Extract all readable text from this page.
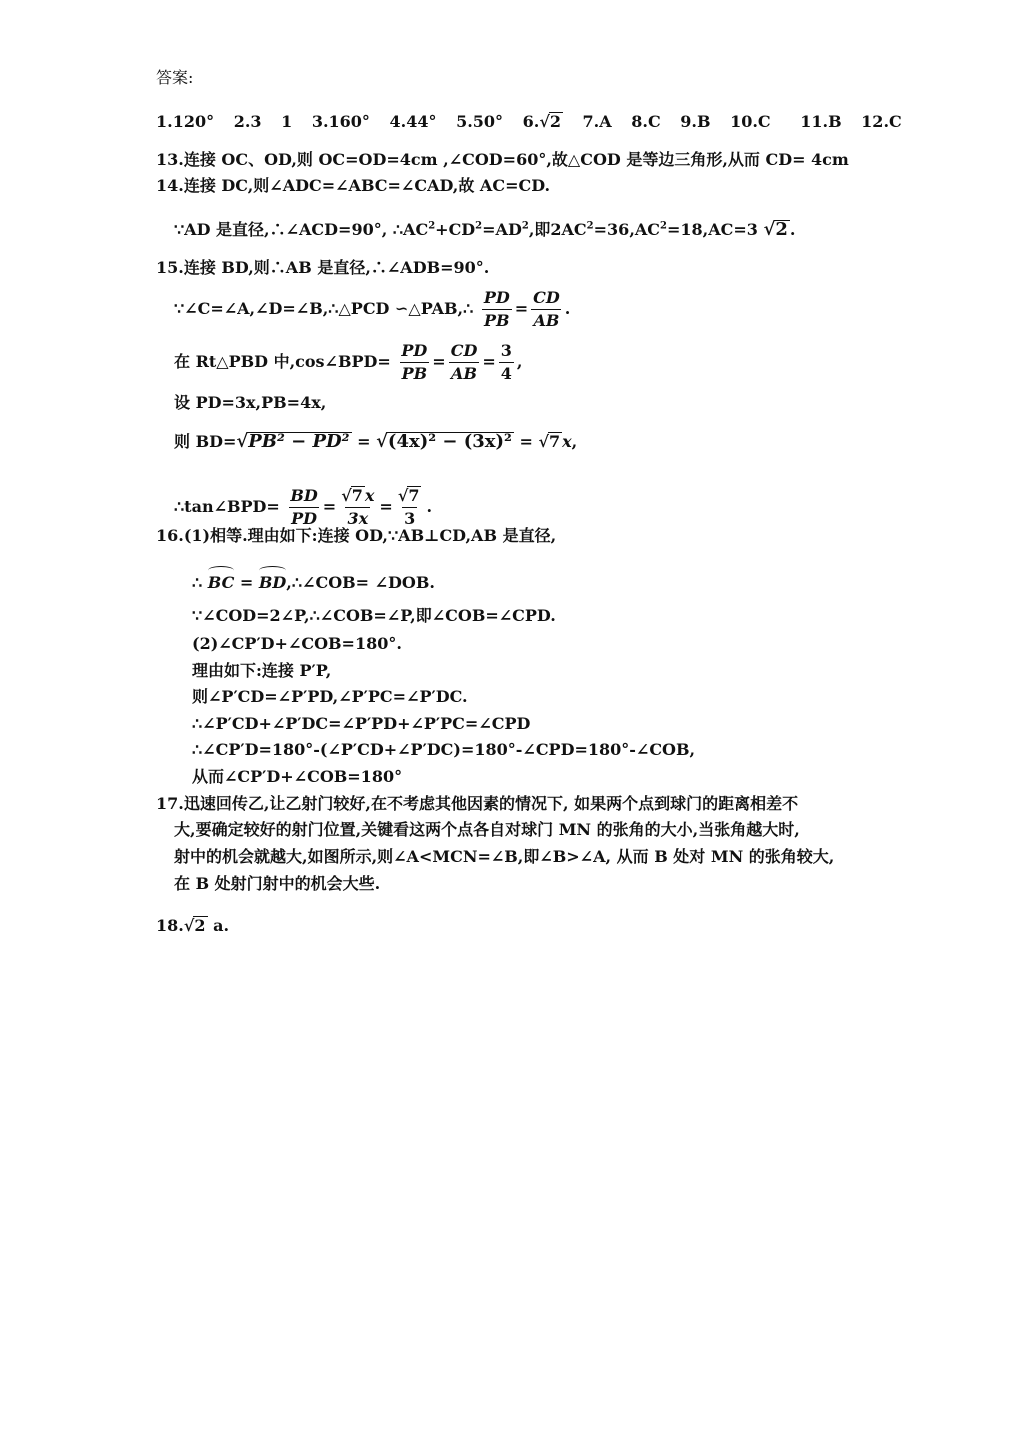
答案:
1.120° 2.3 1 3.160° 4.44° 5.50° 6.√2 7.A 8.C 9.B 10.C 11.B 12.C
13.连接 OC、OD,则 OC=OD=4cm ,∠COD=60°,故△COD 是等边三角形,从而 CD= 4cm
14.连接 DC,则∠ADC=∠ABC=∠CAD,故 AC=CD.
∵AD 是直径,∴∠ACD=90°, $\therefore AC^2+CD^2=AD^2$,即$2AC^2=36,AC^2=18,AC=3$ √2 .
15.连接 BD,则∴AB 是直径,∴∠ADB=90°.
∵∠C=∠A,∠D=∠B,∴△PCD ∽△PAB,∴ $\frac{PD}{PB} = \frac{CD}{AB}$ .
在 Rt△PBD 中,cos∠BPD= $\frac{PD}{PB} = \frac{CD}{AB} = \frac{3}{4}$ ,
设 PD=3x,PB=4x,
则 BD=√PB² − PD² = √(4x)² − (3x)² = √7 x,
∴tan∠BPD= $\frac{BD}{PD} = \frac{√7 x}{3x} = \frac{√7}{3}$ .
16.(1)相等.理由如下:连接 OD,∵AB⊥CD,AB 是直径,
∴ BC = BD,∴∠COB= ∠DOB.
∵∠COD=2∠P,∴∠COB=∠P,即∠COB=∠CPD.
(2)∠CP′D+∠COB=180°.
理由如下:连接 P′P,
则∠P′CD=∠P′PD,∠P′PC=∠P′DC.
∴∠P′CD+∠P′DC=∠P′PD+∠P′PC=∠CPD
∴∠CP′D=180°-(∠P′CD+∠P′DC)=180°-∠CPD=180°-∠COB,
从而∠CP′D+∠COB=180°
17.迅速回传乙,让乙射门较好,在不考虑其他因素的情况下, 如果两个点到球门的距离相差不
大,要确定较好的射门位置,关键看这两个点各自对球门 MN 的张角的大小,当张角越大时,
射中的机会就越大,如图所示,则∠A<MCN=∠B,即∠B>∠A, 从而 B 处对 MN 的张角较大,
在 B 处射门射中的机会大些.
18.√2 a.
